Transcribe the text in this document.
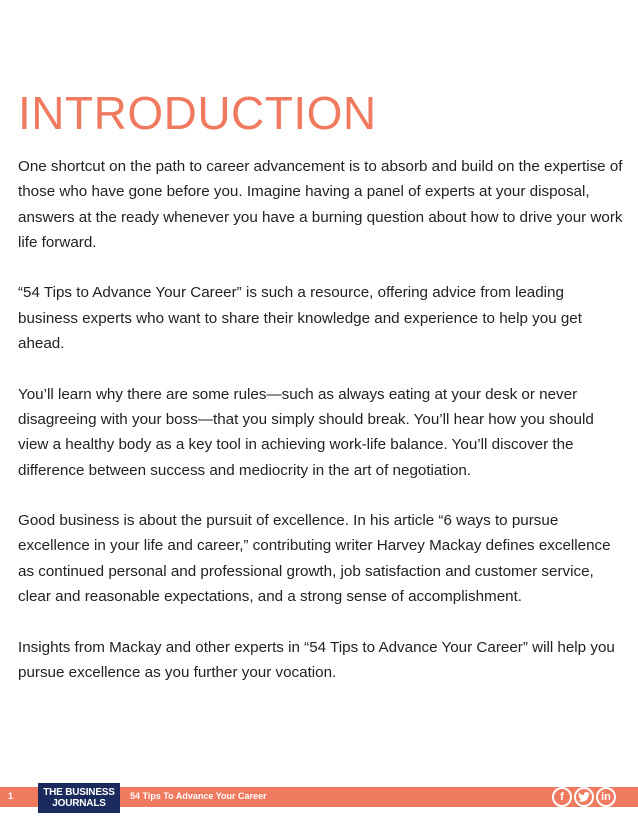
INTRODUCTION

One shortcut on the path to career advancement is to absorb and build on the expertise of those who have gone before you. Imagine having a panel of experts at your disposal, answers at the ready whenever you have a burning question about how to drive your work life forward.

“54 Tips to Advance Your Career” is such a resource, offering advice from leading business experts who want to share their knowledge and experience to help you get ahead.

You’ll learn why there are some rules—such as always eating at your desk or never disagreeing with your boss—that you simply should break. You’ll hear how you should view a healthy body as a key tool in achieving work-life balance. You’ll discover the difference between success and mediocrity in the art of negotiation.

Good business is about the pursuit of excellence. In his article “6 ways to pursue excellence in your life and career,” contributing writer Harvey Mackay defines excellence as continued personal and professional growth, job satisfaction and customer service, clear and reasonable expectations, and a strong sense of accomplishment.

Insights from Mackay and other experts in “54 Tips to Advance Your Career” will help you pursue excellence as you further your vocation.

1	THE BUSINESS
JOURNALS
54 Tips To Advance Your Career	f	in
